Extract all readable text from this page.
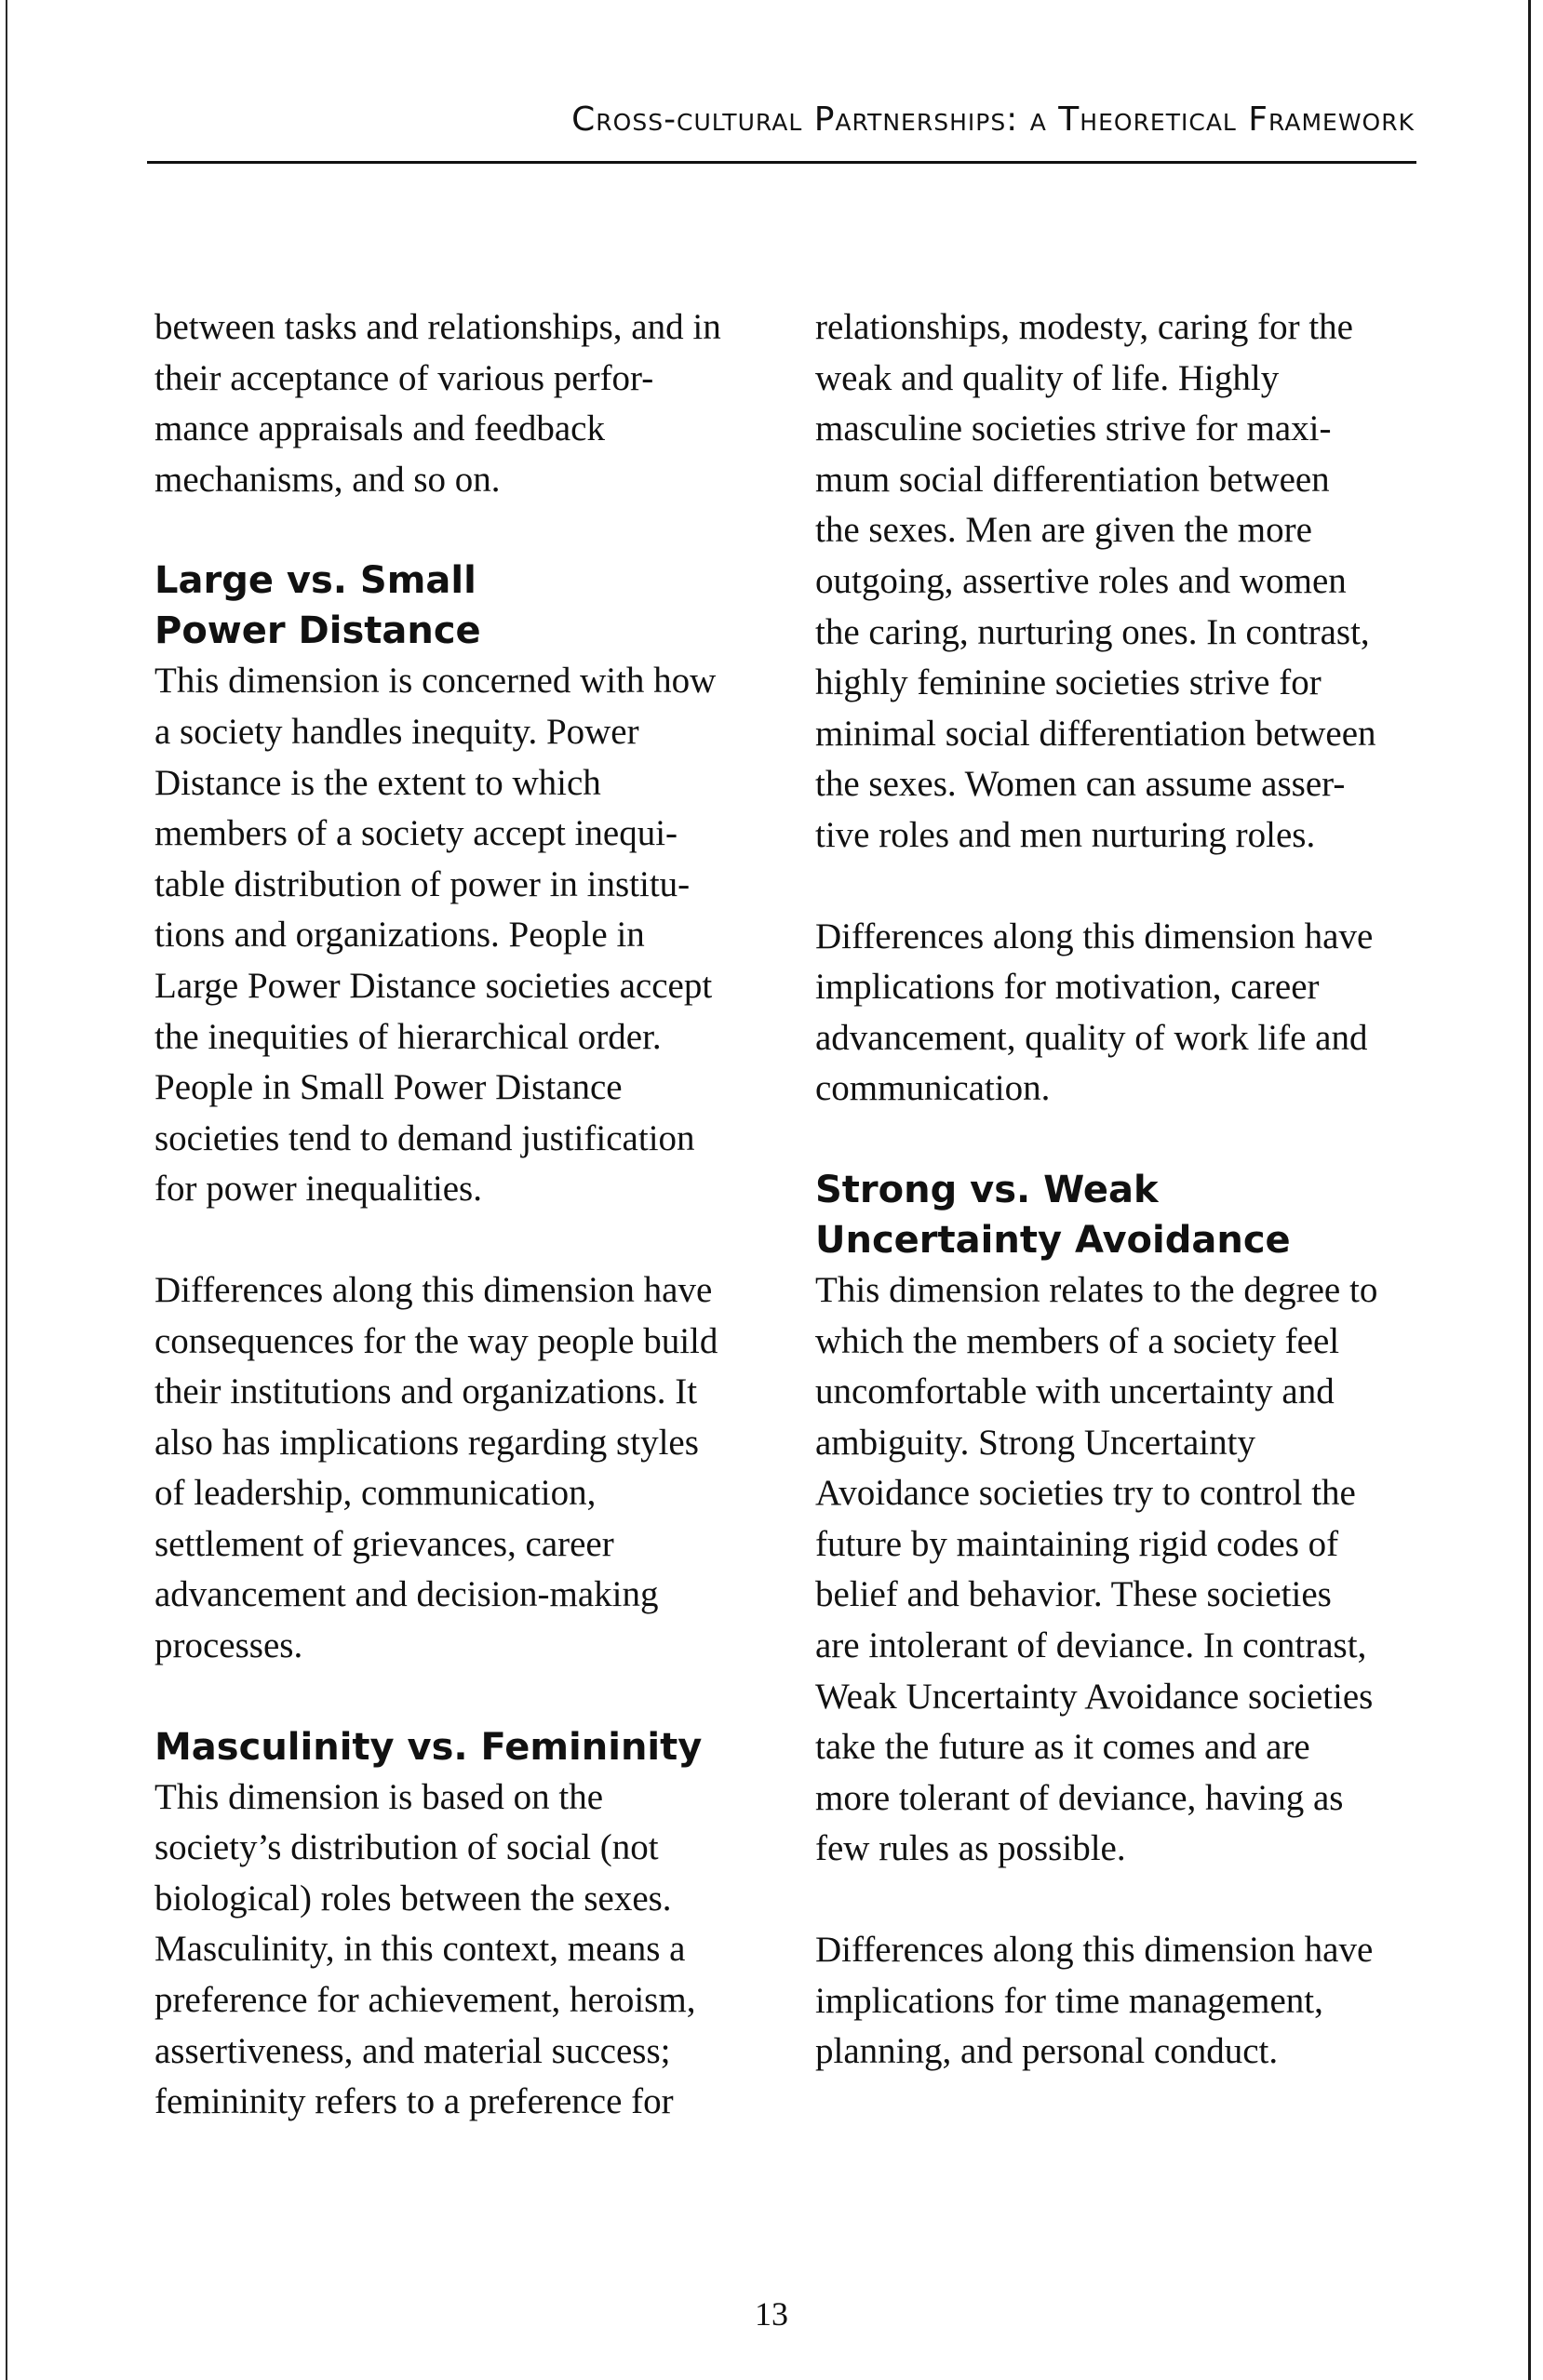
Cross-cultural Partnerships: a Theoretical Framework

between tasks and relationships, and in
their acceptance of various perfor-
mance appraisals and feedback
mechanisms, and so on.

Large vs. Small
Power Distance

This dimension is concerned with how
a society handles inequity. Power
Distance is the extent to which
members of a society accept inequi-
table distribution of power in institu-
tions and organizations. People in
Large Power Distance societies accept
the inequities of hierarchical order.
People in Small Power Distance
societies tend to demand justification
for power inequalities.

Differences along this dimension have
consequences for the way people build
their institutions and organizations. It
also has implications regarding styles
of leadership, communication,
settlement of grievances, career
advancement and decision-making
processes.

Masculinity vs. Femininity

This dimension is based on the
society’s distribution of social (not
biological) roles between the sexes.
Masculinity, in this context, means a
preference for achievement, heroism,
assertiveness, and material success;
femininity refers to a preference for

relationships, modesty, caring for the
weak and quality of life. Highly
masculine societies strive for maxi-
mum social differentiation between
the sexes. Men are given the more
outgoing, assertive roles and women
the caring, nurturing ones. In contrast,
highly feminine societies strive for
minimal social differentiation between
the sexes. Women can assume asser-
tive roles and men nurturing roles.

Differences along this dimension have
implications for motivation, career
advancement, quality of work life and
communication.

Strong vs. Weak
Uncertainty Avoidance

This dimension relates to the degree to
which the members of a society feel
uncomfortable with uncertainty and
ambiguity. Strong Uncertainty
Avoidance societies try to control the
future by maintaining rigid codes of
belief and behavior. These societies
are intolerant of deviance. In contrast,
Weak Uncertainty Avoidance societies
take the future as it comes and are
more tolerant of deviance, having as
few rules as possible.

Differences along this dimension have
implications for time management,
planning, and personal conduct.

13
